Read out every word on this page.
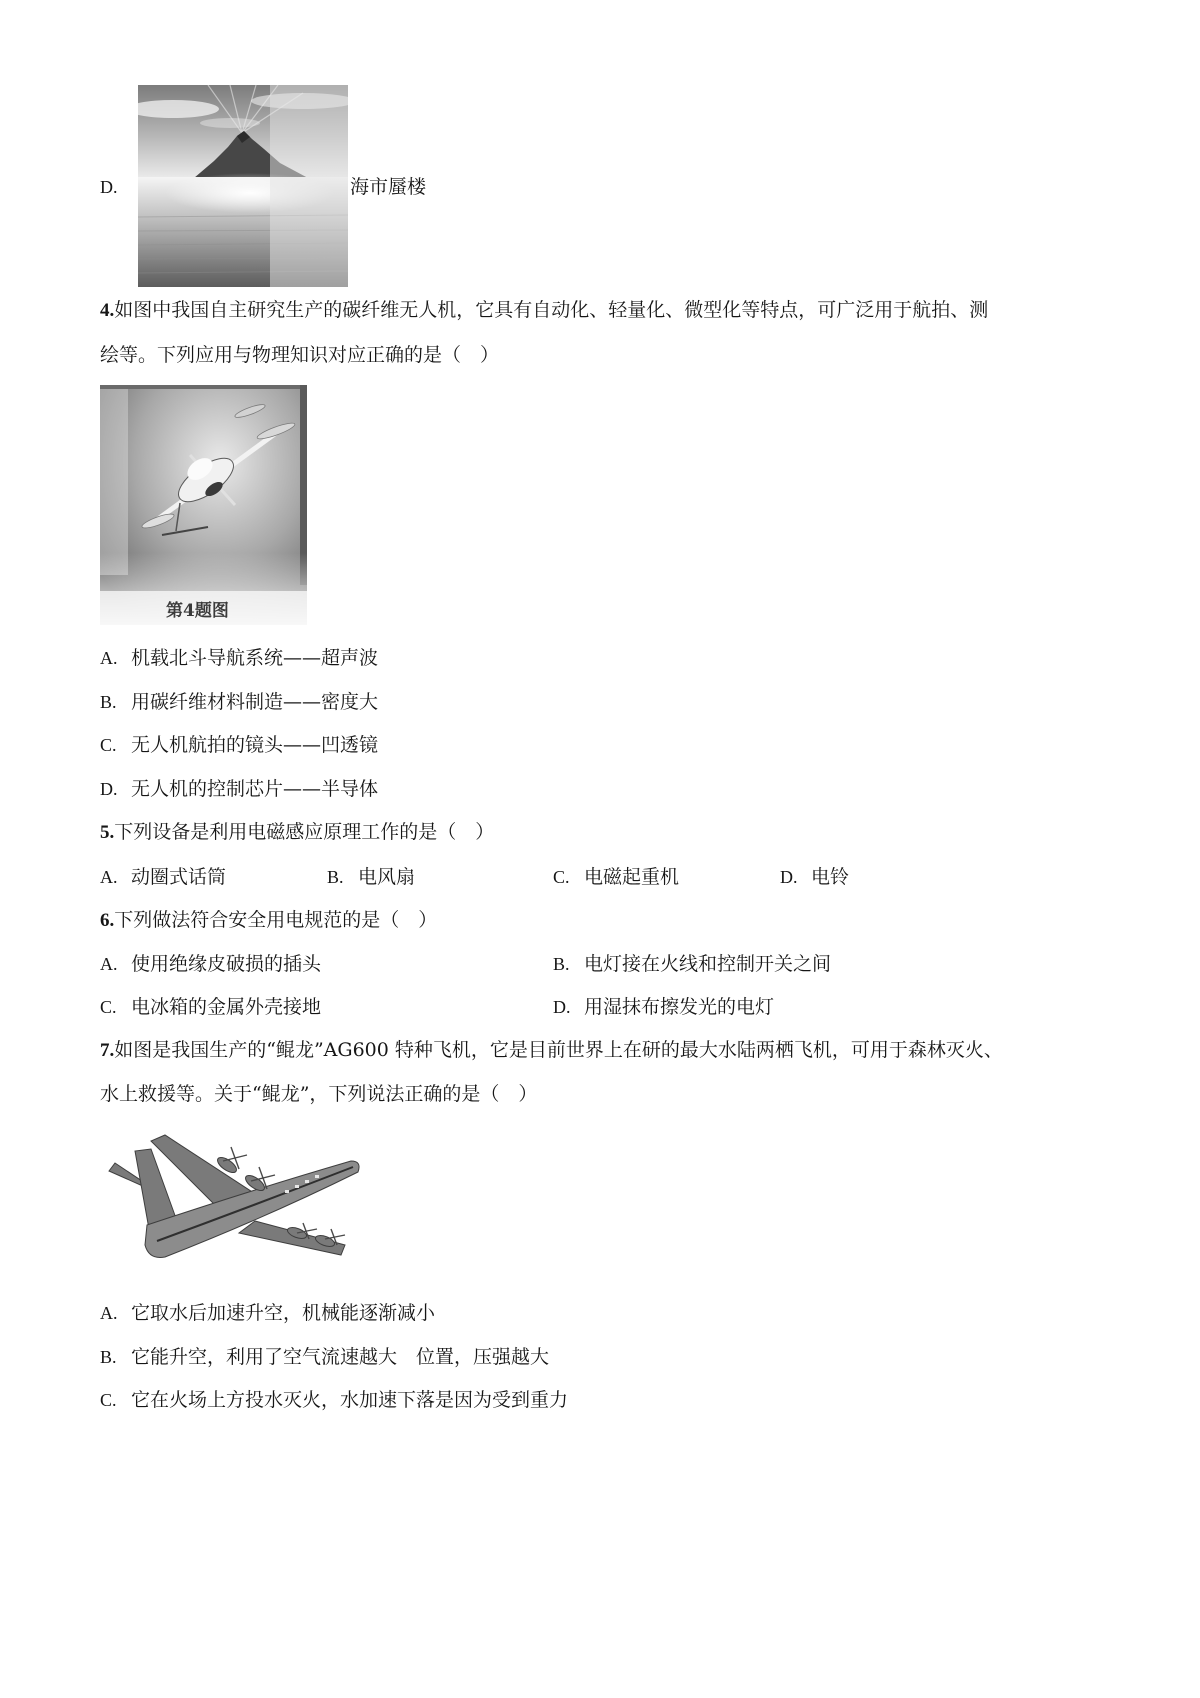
D.	海市蜃楼
4.如图中我国自主研究生产的碳纤维无人机，它具有自动化、轻量化、微型化等特点，可广泛用于航拍、测
绘等。下列应用与物理知识对应正确的是（　）
第4题图
A. 机载北斗导航系统——超声波
B. 用碳纤维材料制造——密度大
C. 无人机航拍的镜头——凹透镜
D. 无人机的控制芯片——半导体
5.下列设备是利用电磁感应原理工作的是（　）
A. 动圈式话筒	B. 电风扇	C. 电磁起重机	D. 电铃
6.下列做法符合安全用电规范的是（　）
A. 使用绝缘皮破损的插头	B. 电灯接在火线和控制开关之间
C. 电冰箱的金属外壳接地	D. 用湿抹布擦发光的电灯
7.如图是我国生产的“鲲龙”AG600 特种飞机，它是目前世界上在研的最大水陆两栖飞机，可用于森林灭火、
水上救援等。关于“鲲龙”，下列说法正确的是（　）
A. 它取水后加速升空，机械能逐渐减小
B. 它能升空，利用了空气流速越大　位置，压强越大
C. 它在火场上方投水灭火，水加速下落是因为受到重力
